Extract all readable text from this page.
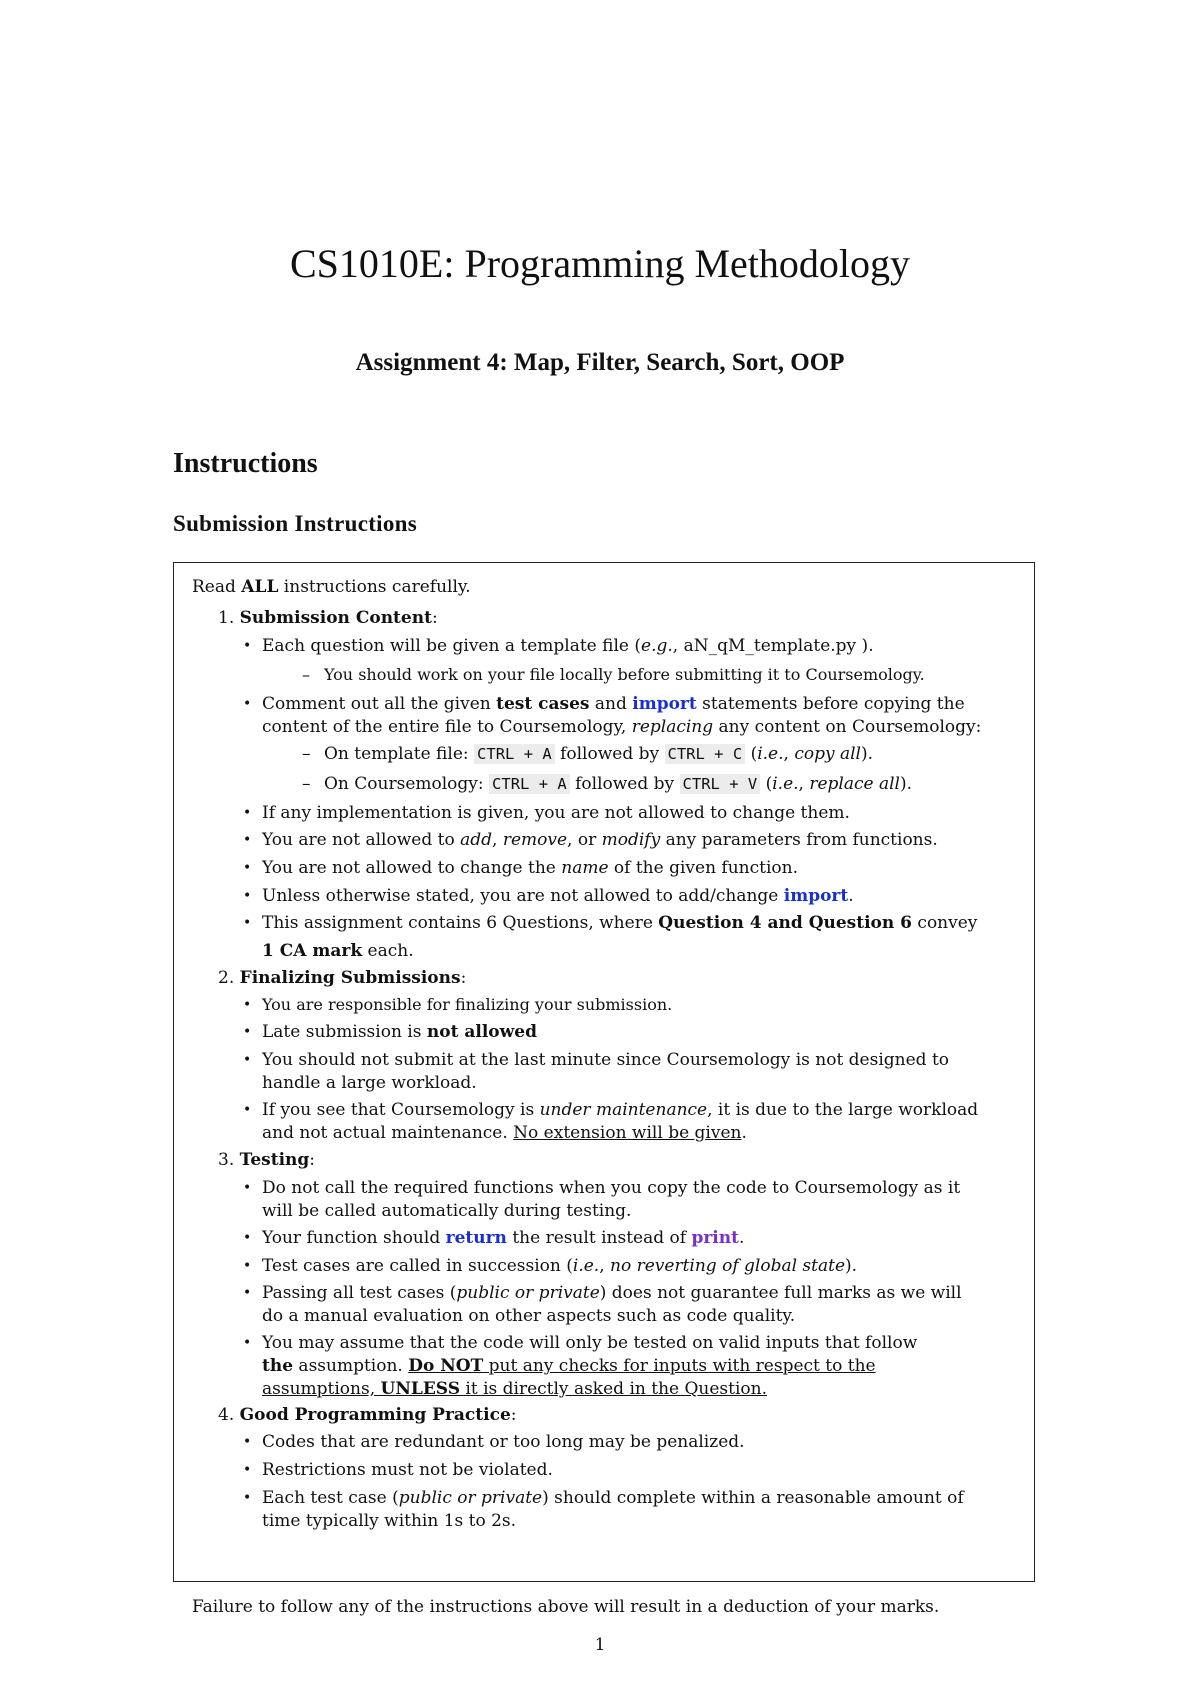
CS1010E: Programming Methodology
Assignment 4: Map, Filter, Search, Sort, OOP
Instructions
Submission Instructions
Read ALL instructions carefully.
1. Submission Content:
• Each question will be given a template file (e.g., aN_qM_template.py ).
– You should work on your file locally before submitting it to Coursemology.
• Comment out all the given test cases and import statements before copying the
content of the entire file to Coursemology, replacing any content on Coursemology:
– On template file: CTRL + A followed by CTRL + C (i.e., copy all).
– On Coursemology: CTRL + A followed by CTRL + V (i.e., replace all).
• If any implementation is given, you are not allowed to change them.
• You are not allowed to add, remove, or modify any parameters from functions.
• You are not allowed to change the name of the given function.
• Unless otherwise stated, you are not allowed to add/change import.
• This assignment contains 6 Questions, where Question 4 and Question 6 convey
1 CA mark each.
2. Finalizing Submissions:
• You are responsible for finalizing your submission.
• Late submission is not allowed
• You should not submit at the last minute since Coursemology is not designed to
handle a large workload.
• If you see that Coursemology is under maintenance, it is due to the large workload
and not actual maintenance. No extension will be given.
3. Testing:
• Do not call the required functions when you copy the code to Coursemology as it
will be called automatically during testing.
• Your function should return the result instead of print.
• Test cases are called in succession (i.e., no reverting of global state).
• Passing all test cases (public or private) does not guarantee full marks as we will
do a manual evaluation on other aspects such as code quality.
• You may assume that the code will only be tested on valid inputs that follow
the assumption. Do NOT put any checks for inputs with respect to the
assumptions, UNLESS it is directly asked in the Question.
4. Good Programming Practice:
• Codes that are redundant or too long may be penalized.
• Restrictions must not be violated.
• Each test case (public or private) should complete within a reasonable amount of
time typically within 1s to 2s.
Failure to follow any of the instructions above will result in a deduction of your marks.
1
